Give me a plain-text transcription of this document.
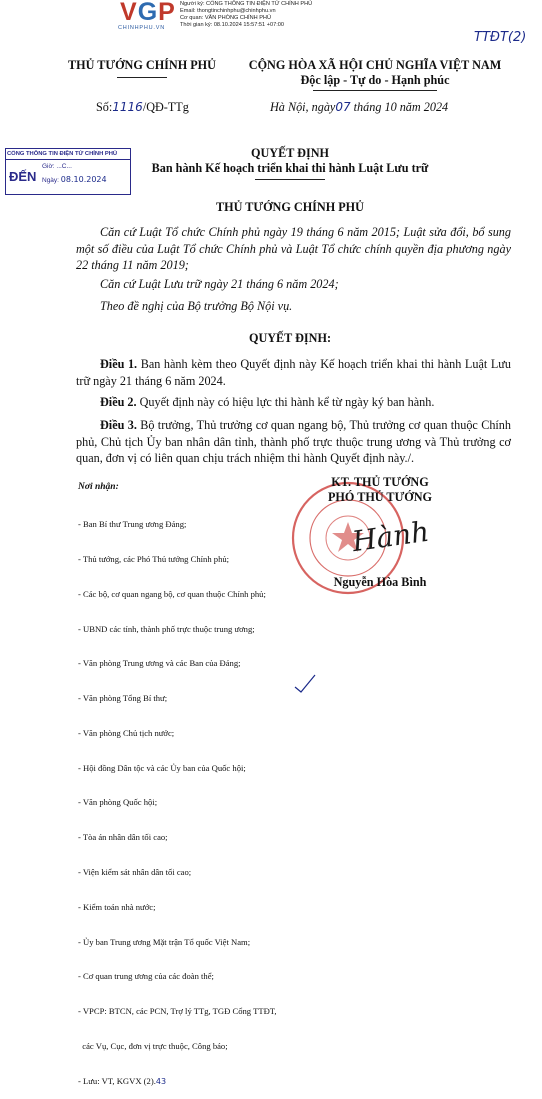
VGP
CHINHPHU.VN
Người ký: CỔNG THÔNG TIN ĐIỆN TỬ CHÍNH PHỦ
Email: thongtinchinhphu@chinhphu.vn
Cơ quan: VĂN PHÒNG CHÍNH PHỦ
Thời gian ký: 08.10.2024 15:57:51 +07:00
TTĐT(2)
THỦ TƯỚNG CHÍNH PHỦ	CỘNG HÒA XÃ HỘI CHỦ NGHĨA VIỆT NAM
Độc lập - Tự do - Hạnh phúc
Số:1116/QĐ-TTg	Hà Nội, ngày07 tháng 10 năm 2024
CỔNG THÔNG TIN ĐIỆN TỬ CHÍNH PHỦ
ĐẾN
Giờ: ...C...
Ngày: 08.10.2024
QUYẾT ĐỊNH
Ban hành Kế hoạch triển khai thi hành Luật Lưu trữ
THỦ TƯỚNG CHÍNH PHỦ
Căn cứ Luật Tổ chức Chính phủ ngày 19 tháng 6 năm 2015; Luật sửa đổi, bổ sung một số điều của Luật Tổ chức Chính phủ và Luật Tổ chức chính quyền địa phương ngày 22 tháng 11 năm 2019;
Căn cứ Luật Lưu trữ ngày 21 tháng 6 năm 2024;
Theo đề nghị của Bộ trưởng Bộ Nội vụ.
QUYẾT ĐỊNH:
Điều 1. Ban hành kèm theo Quyết định này Kế hoạch triển khai thi hành Luật Lưu trữ ngày 21 tháng 6 năm 2024.
Điều 2. Quyết định này có hiệu lực thi hành kể từ ngày ký ban hành.
Điều 3. Bộ trưởng, Thủ trưởng cơ quan ngang bộ, Thủ trưởng cơ quan thuộc Chính phủ, Chủ tịch Ủy ban nhân dân tỉnh, thành phố trực thuộc trung ương và Thủ trưởng cơ quan, đơn vị có liên quan chịu trách nhiệm thi hành Quyết định này./.
Nơi nhận:

- Ban Bí thư Trung ương Đảng;

- Thủ tướng, các Phó Thủ tướng Chính phủ;

- Các bộ, cơ quan ngang bộ, cơ quan thuộc Chính phủ;

- UBND các tỉnh, thành phố trực thuộc trung ương;

- Văn phòng Trung ương và các Ban của Đảng;

- Văn phòng Tổng Bí thư;

- Văn phòng Chủ tịch nước;

- Hội đồng Dân tộc và các Ủy ban của Quốc hội;

- Văn phòng Quốc hội;

- Tòa án nhân dân tối cao;

- Viện kiểm sát nhân dân tối cao;

- Kiểm toán nhà nước;

- Ủy ban Trung ương Mặt trận Tổ quốc Việt Nam;

- Cơ quan trung ương của các đoàn thể;

- VPCP: BTCN, các PCN, Trợ lý TTg, TGĐ Cổng TTĐT,

các Vụ, Cục, đơn vị trực thuộc, Công báo;

- Lưu: VT, KGVX (2).43

KT. THỦ TƯỚNG
PHÓ THỦ TƯỚNG
Hành
Nguyễn Hòa Bình
